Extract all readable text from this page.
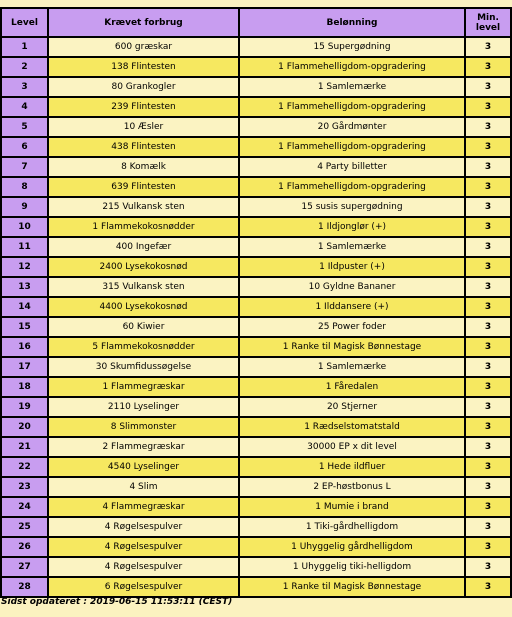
Level	Krævet forbrug	Belønning	Min. level
1	600 græskar	15 Supergødning	3
2	138 Flintesten	1 Flammehelligdom-opgradering	3
3	80 Grankogler	1 Samlemærke	3
4	239 Flintesten	1 Flammehelligdom-opgradering	3
5	10 Æsler	20 Gårdmønter	3
6	438 Flintesten	1 Flammehelligdom-opgradering	3
7	8 Komælk	4 Party billetter	3
8	639 Flintesten	1 Flammehelligdom-opgradering	3
9	215 Vulkansk sten	15 susis supergødning	3
10	1 Flammekokosnødder	1 Ildjonglør (+)	3
11	400 Ingefær	1 Samlemærke	3
12	2400 Lysekokosnød	1 Ildpuster (+)	3
13	315 Vulkansk sten	10 Gyldne Bananer	3
14	4400 Lysekokosnød	1 Ilddansere (+)	3
15	60 Kiwier	25 Power foder	3
16	5 Flammekokosnødder	1 Ranke til Magisk Bønnestage	3
17	30 Skumfidussøgelse	1 Samlemærke	3
18	1 Flammegræskar	1 Fåredalen	3
19	2110 Lyselinger	20 Stjerner	3
20	8 Slimmonster	1 Rædselstomatstald	3
21	2 Flammegræskar	30000 EP x dit level	3
22	4540 Lyselinger	1 Hede ildfluer	3
23	4 Slim	2 EP-høstbonus L	3
24	4 Flammegræskar	1 Mumie i brand	3
25	4 Røgelsespulver	1 Tiki-gårdhelligdom	3
26	4 Røgelsespulver	1 Uhyggelig gårdhelligdom	3
27	4 Røgelsespulver	1 Uhyggelig tiki-helligdom	3
28	6 Røgelsespulver	1 Ranke til Magisk Bønnestage	3
Sidst opdateret : 2019-06-15 11:53:11 (CEST)
